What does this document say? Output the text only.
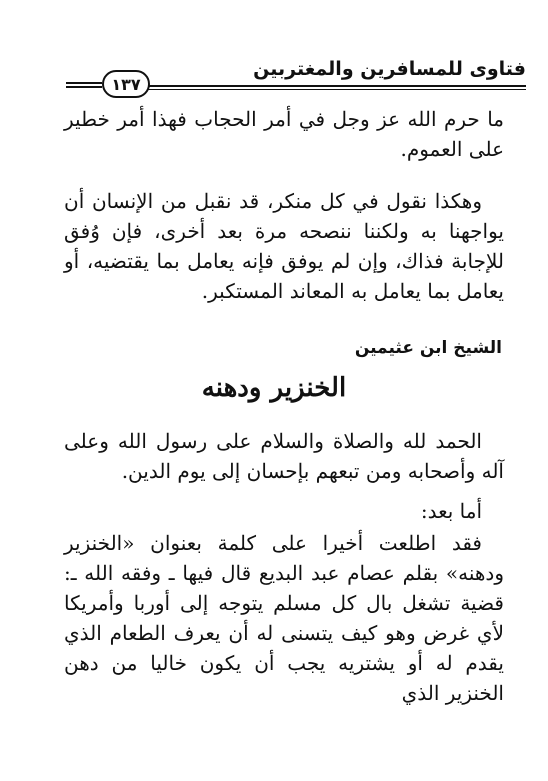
فتاوى للمسافرين والمغتربين
١٣٧

ما حرم الله عز وجل في أمر الحجاب فهذا أمر خطير على العموم.

وهكذا نقول في كل منكر، قد نقبل من الإنسان أن يواجهنا به ولكننا ننصحه مرة بعد أخرى، فإن وُفق للإجابة فذاك، وإن لم يوفق فإنه يعامل بما يقتضيه، أو يعامل بما يعامل به المعاند المستكبر.

الشيخ ابن عثيمين
الخنزير ودهنه

الحمد لله والصلاة والسلام على رسول الله وعلى آله وأصحابه ومن تبعهم بإحسان إلى يوم الدين.

أما بعد:

فقد اطلعت أخيرا على كلمة بعنوان «الخنزير ودهنه» بقلم عصام عبد البديع قال فيها ـ وفقه الله ـ: قضية تشغل بال كل مسلم يتوجه إلى أوربا وأمريكا لأي غرض وهو كيف يتسنى له أن يعرف الطعام الذي يقدم له أو يشتريه يجب أن يكون خاليا من دهن الخنزير الذي
